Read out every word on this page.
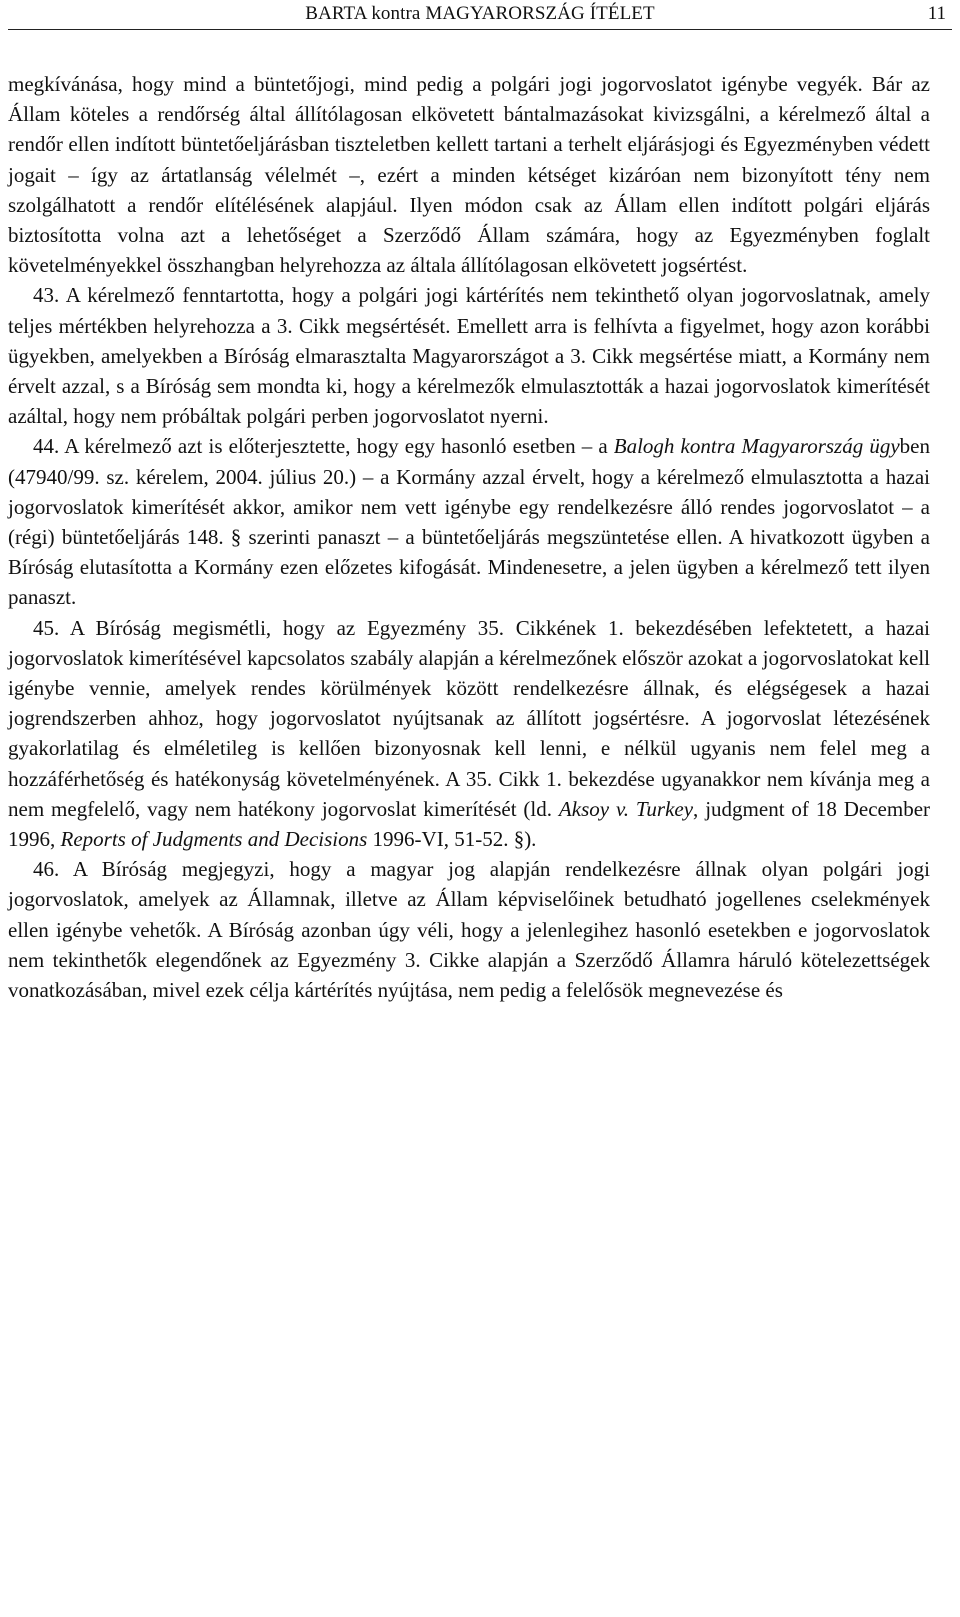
BARTA kontra MAGYARORSZÁG ÍTÉLET	11

megkívánása, hogy mind a büntetőjogi, mind pedig a polgári jogi jogorvoslatot igénybe vegyék. Bár az Állam köteles a rendőrség által állítólagosan elkövetett bántalmazásokat kivizsgálni, a kérelmező által a rendőr ellen indított büntetőeljárásban tiszteletben kellett tartani a terhelt eljárásjogi és Egyezményben védett jogait – így az ártatlanság vélelmét –, ezért a minden kétséget kizáróan nem bizonyított tény nem szolgálhatott a rendőr elítélésének alapjául. Ilyen módon csak az Állam ellen indított polgári eljárás biztosította volna azt a lehetőséget a Szerződő Állam számára, hogy az Egyezményben foglalt követelményekkel összhangban helyrehozza az általa állítólagosan elkövetett jogsértést.

43. A kérelmező fenntartotta, hogy a polgári jogi kártérítés nem tekinthető olyan jogorvoslatnak, amely teljes mértékben helyrehozza a 3. Cikk megsértését. Emellett arra is felhívta a figyelmet, hogy azon korábbi ügyekben, amelyekben a Bíróság elmarasztalta Magyarországot a 3. Cikk megsértése miatt, a Kormány nem érvelt azzal, s a Bíróság sem mondta ki, hogy a kérelmezők elmulasztották a hazai jogorvoslatok kimerítését azáltal, hogy nem próbáltak polgári perben jogorvoslatot nyerni.

44. A kérelmező azt is előterjesztette, hogy egy hasonló esetben – a Balogh kontra Magyarország ügyben (47940/99. sz. kérelem, 2004. július 20.) – a Kormány azzal érvelt, hogy a kérelmező elmulasztotta a hazai jogorvoslatok kimerítését akkor, amikor nem vett igénybe egy rendelkezésre álló rendes jogorvoslatot – a (régi) büntetőeljárás 148. § szerinti panaszt – a büntetőeljárás megszüntetése ellen. A hivatkozott ügyben a Bíróság elutasította a Kormány ezen előzetes kifogását. Mindenesetre, a jelen ügyben a kérelmező tett ilyen panaszt.

45. A Bíróság megismétli, hogy az Egyezmény 35. Cikkének 1. bekezdésében lefektetett, a hazai jogorvoslatok kimerítésével kapcsolatos szabály alapján a kérelmezőnek először azokat a jogorvoslatokat kell igénybe vennie, amelyek rendes körülmények között rendelkezésre állnak, és elégségesek a hazai jogrendszerben ahhoz, hogy jogorvoslatot nyújtsanak az állított jogsértésre. A jogorvoslat létezésének gyakorlatilag és elméletileg is kellően bizonyosnak kell lenni, e nélkül ugyanis nem felel meg a hozzáférhetőség és hatékonyság követelményének. A 35. Cikk 1. bekezdése ugyanakkor nem kívánja meg a nem megfelelő, vagy nem hatékony jogorvoslat kimerítését (ld. Aksoy v. Turkey, judgment of 18 December 1996, Reports of Judgments and Decisions 1996-VI, 51-52. §).

46. A Bíróság megjegyzi, hogy a magyar jog alapján rendelkezésre állnak olyan polgári jogi jogorvoslatok, amelyek az Államnak, illetve az Állam képviselőinek betudható jogellenes cselekmények ellen igénybe vehetők. A Bíróság azonban úgy véli, hogy a jelenlegihez hasonló esetekben e jogorvoslatok nem tekinthetők elegendőnek az Egyezmény 3. Cikke alapján a Szerződő Államra háruló kötelezettségek vonatkozásában, mivel ezek célja kártérítés nyújtása, nem pedig a felelősök megnevezése és
